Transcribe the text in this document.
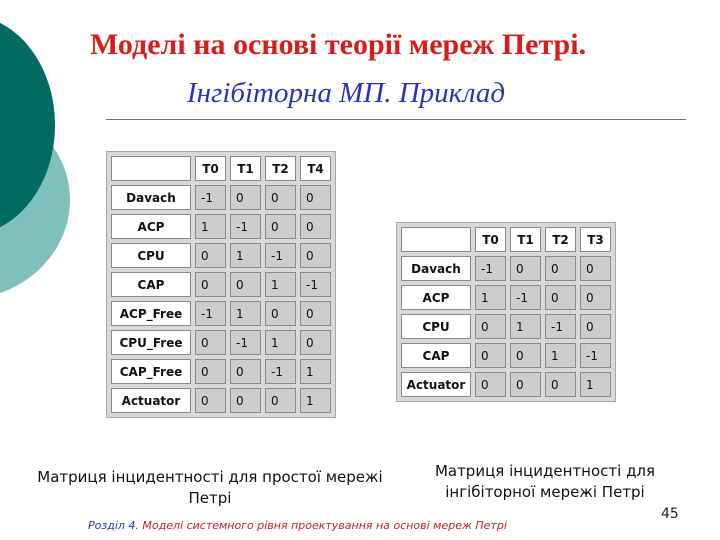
Моделі на основі теорії мереж Петрі.
Інгібіторна МП. Приклад
	T0	T1	T2	T4
Davach	-1	0	0	0
ACP	1	-1	0	0
CPU	0	1	-1	0
CAP	0	0	1	-1
ACP_Free	-1	1	0	0
CPU_Free	0	-1	1	0
CAP_Free	0	0	-1	1
Actuator	0	0	0	1
	T0	T1	T2	T3
Davach	-1	0	0	0
ACP	1	-1	0	0
CPU	0	1	-1	0
CAP	0	0	1	-1
Actuator	0	0	0	1
Матриця інцидентності для простої мережі Петрі
Матриця інцидентності для інгібіторної мережі Петрі
Розділ 4. Моделі системного рівня проектування на основі мереж Петрі
45
